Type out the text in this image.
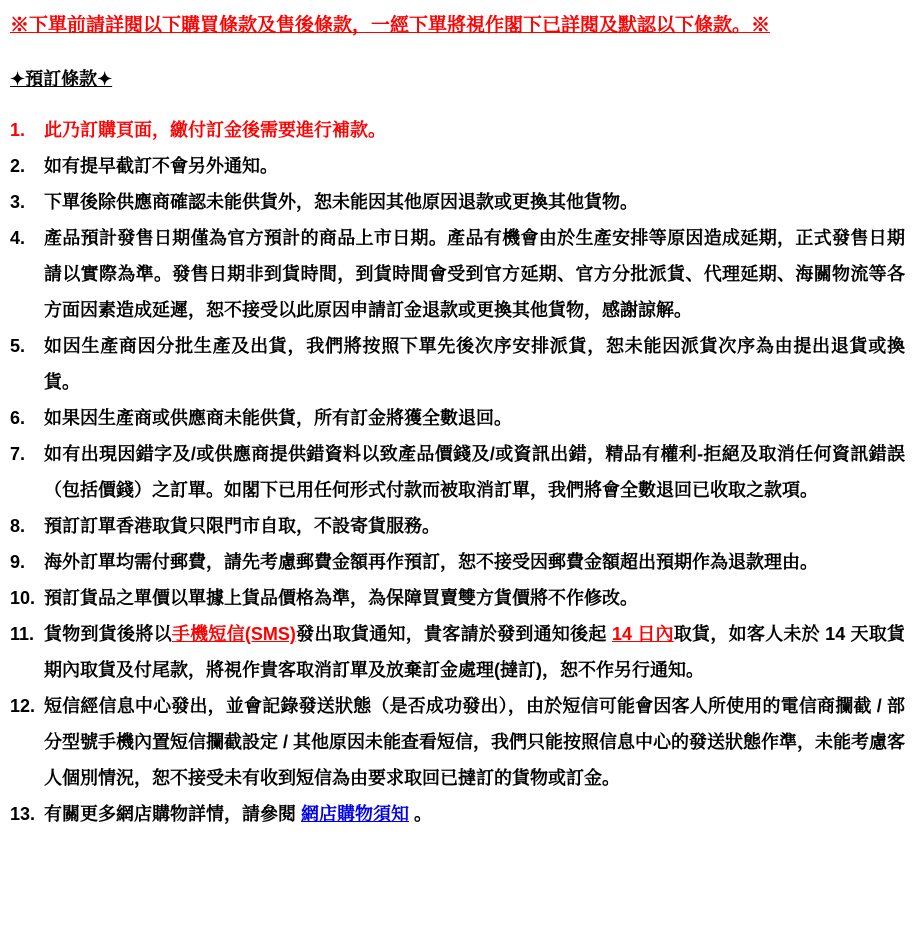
※下單前請詳閱以下購買條款及售後條款，一經下單將視作閣下已詳閱及默認以下條款。※
✦預訂條款✦
1.	此乃訂購頁面，繳付訂金後需要進行補款。
2.	如有提早截訂不會另外通知。
3.	下單後除供應商確認未能供貨外，恕未能因其他原因退款或更換其他貨物。
4.	產品預計發售日期僅為官方預計的商品上市日期。產品有機會由於生產安排等原因造成延期，正式發售日期請以實際為準。發售日期非到貨時間，到貨時間會受到官方延期、官方分批派貨、代理延期、海關物流等各方面因素造成延遲，恕不接受以此原因申請訂金退款或更換其他貨物，感謝諒解。
5.	如因生產商因分批生產及出貨，我們將按照下單先後次序安排派貨，恕未能因派貨次序為由提出退貨或換貨。
6.	如果因生產商或供應商未能供貨，所有訂金將獲全數退回。
7.	如有出現因錯字及/或供應商提供錯資料以致產品價錢及/或資訊出錯，精品有權利-拒絕及取消任何資訊錯誤（包括價錢）之訂單。如閣下已用任何形式付款而被取消訂單，我們將會全數退回已收取之款項。
8.	預訂訂單香港取貨只限門市自取，不設寄貨服務。
9.	海外訂單均需付郵費，請先考慮郵費金額再作預訂，恕不接受因郵費金額超出預期作為退款理由。
10. 預訂貨品之單價以單據上貨品價格為準，為保障買賣雙方貨價將不作修改。
11. 貨物到貨後將以手機短信(SMS)發出取貨通知，貴客請於發到通知後起 14 日內取貨，如客人未於 14 天取貨期內取貨及付尾款，將視作貴客取消訂單及放棄訂金處理(撻訂)，恕不作另行通知。
12. 短信經信息中心發出，並會記錄發送狀態（是否成功發出），由於短信可能會因客人所使用的電信商攔截 / 部分型號手機內置短信攔截設定 / 其他原因未能查看短信，我們只能按照信息中心的發送狀態作準，未能考慮客人個別情況，恕不接受未有收到短信為由要求取回已撻訂的貨物或訂金。
13. 有關更多網店購物詳情，請參閱 網店購物須知 。
